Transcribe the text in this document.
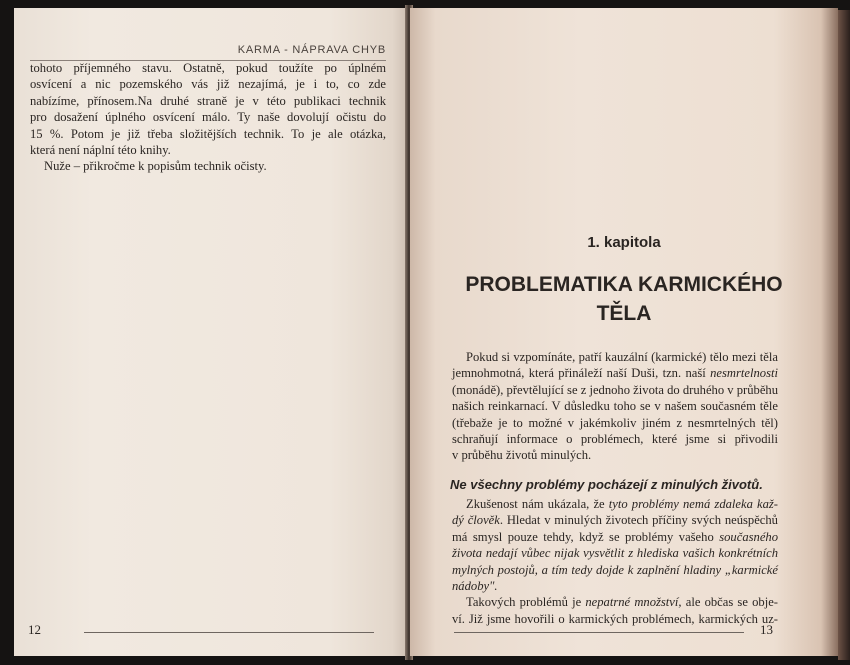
KARMA - NÁPRAVA CHYB
tohoto příjemného stavu. Ostatně, pokud toužíte po úplném
osvícení a nic pozemského vás již nezajímá, je i to, co zde
nabízíme, přínosem.Na druhé straně je v této publikaci technik
pro dosažení úplného osvícení málo. Ty naše dovolují očistu do
15 %. Potom je již třeba složitějších technik. To je ale otázka,
která není náplní této knihy.
Nuže – přikročme k popisům technik očisty.
12
1. kapitola
PROBLEMATIKA KARMICKÉHO
TĚLA
Pokud si vzpomínáte, patří kauzální (karmické) tělo mezi těla
jemnohmotná, která přináleží naší Duši, tzn. naší nesmrtelnosti
(monádě), převtělující se z jednoho života do druhého v průběhu
našich reinkarnací. V důsledku toho se v našem současném těle
(třebaže je to možné v jakémkoliv jiném z nesmrtelných těl)
schraňují informace o problémech, které jsme si přivodili
v průběhu životů minulých.
Ne všechny problémy pocházejí z minulých životů.
Zkušenost nám ukázala, že tyto problémy nemá zdaleka kaž-
dý člověk. Hledat v minulých životech příčiny svých neúspěchů
má smysl pouze tehdy, když se problémy vašeho současného
života nedají vůbec nijak vysvětlit z hlediska vašich konkrétních
mylných postojů, a tím tedy dojde k zaplnění hladiny „karmické
nádoby".
Takových problémů je nepatrné množství, ale občas se obje-
ví. Již jsme hovořili o karmických problémech, karmických uz-
13
